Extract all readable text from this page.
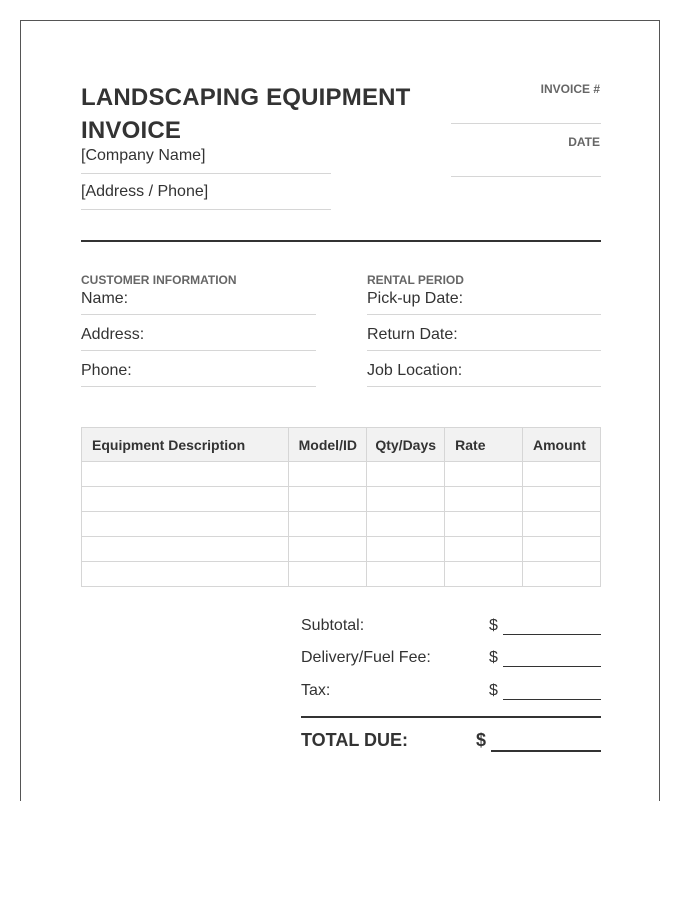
LANDSCAPING EQUIPMENT
INVOICE
[Company Name]
[Address / Phone]
INVOICE #
DATE
CUSTOMER INFORMATION
Name:
Address:
Phone:
RENTAL PERIOD
Pick-up Date:
Return Date:
Job Location:
Equipment Description	Model/ID	Qty/Days	Rate	Amount

Subtotal:	$
Delivery/Fuel Fee:	$
Tax:	$
TOTAL DUE:	$
